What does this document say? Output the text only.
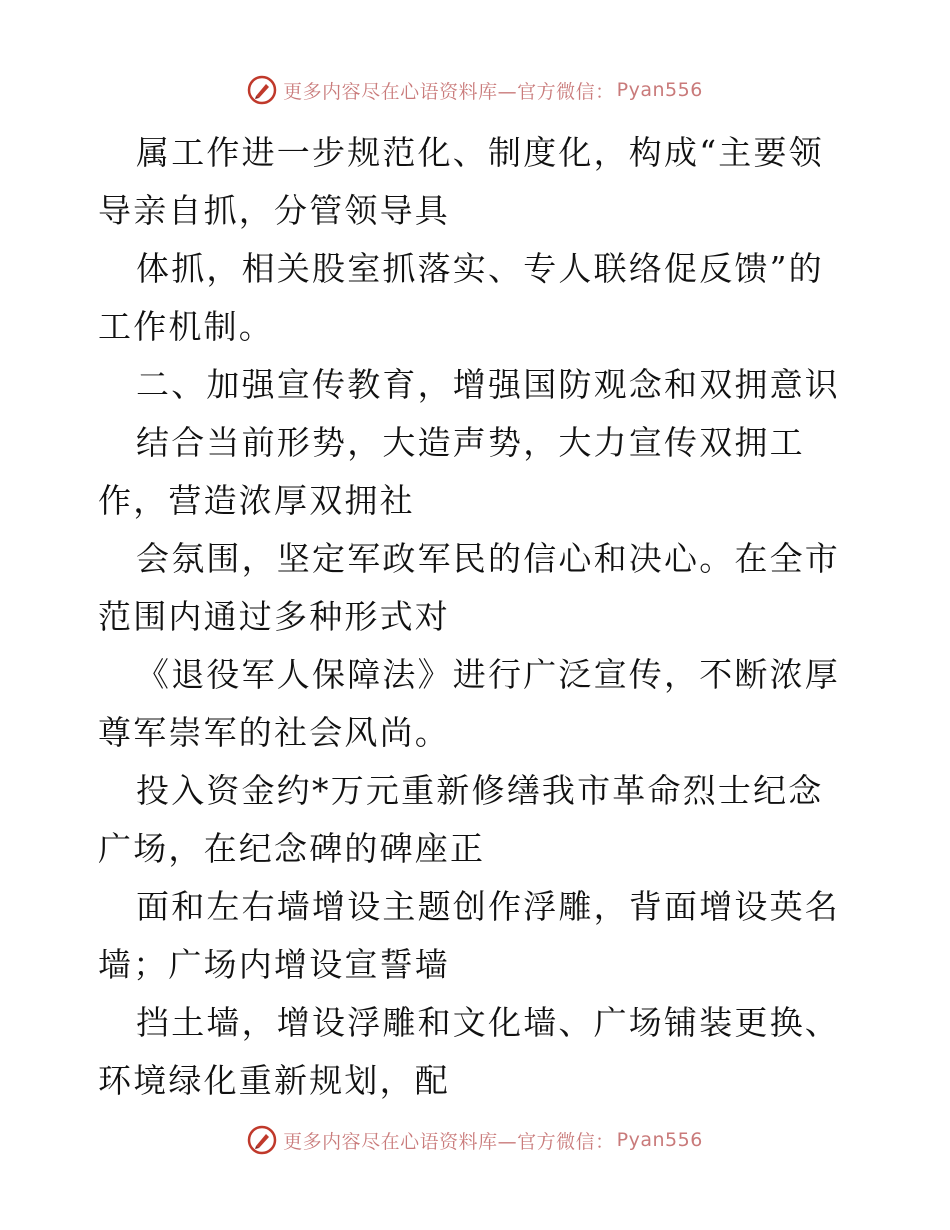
更多内容尽在心语资料库—官方微信： Pyan556

属工作进一步规范化、制度化，构成“主要领导亲自抓，分管领导具

体抓，相关股室抓落实、专人联络促反馈”的工作机制。

二、加强宣传教育，增强国防观念和双拥意识

结合当前形势，大造声势，大力宣传双拥工作，营造浓厚双拥社

会氛围，坚定军政军民的信心和决心。在全市范围内通过多种形式对

《退役军人保障法》进行广泛宣传，不断浓厚尊军崇军的社会风尚。

投入资金约*万元重新修缮我市革命烈士纪念广场，在纪念碑的碑座正

面和左右墙增设主题创作浮雕，背面增设英名墙；广场内增设宣誓墙

挡土墙，增设浮雕和文化墙、广场铺装更换、环境绿化重新规划，配

更多内容尽在心语资料库—官方微信： Pyan556
